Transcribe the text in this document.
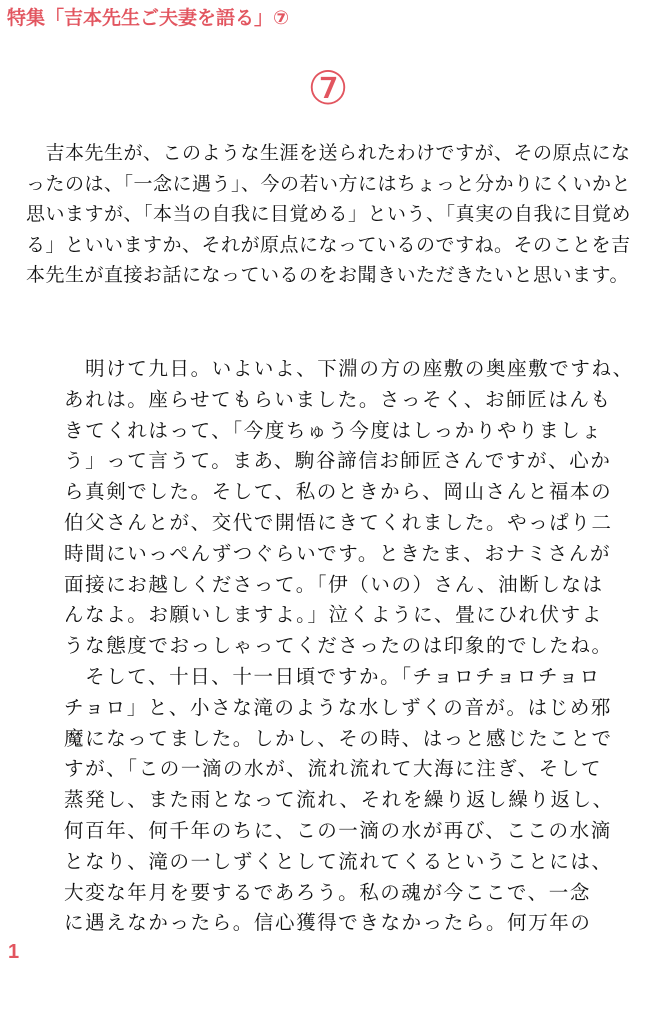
特集「吉本先生ご夫妻を語る」⑦
⑦
　吉本先生が、このような生涯を送られたわけですが、その原点にな
ったのは、「一念に遇う」、今の若い方にはちょっと分かりにくいかと
思いますが、「本当の自我に目覚める」という、「真実の自我に目覚め
る」といいますか、それが原点になっているのですね。そのことを吉
本先生が直接お話になっているのをお聞きいただきたいと思います。
　明けて九日。いよいよ、下淵の方の座敷の奥座敷ですね、
あれは。座らせてもらいました。さっそく、お師匠はんも
きてくれはって、「今度ちゅう今度はしっかりやりましょ
う」って言うて。まあ、駒谷諦信お師匠さんですが、心か
ら真剣でした。そして、私のときから、岡山さんと福本の
伯父さんとが、交代で開悟にきてくれました。やっぱり二
時間にいっぺんずつぐらいです。ときたま、おナミさんが
面接にお越しくださって。「伊（いの）さん、油断しなは
んなよ。お願いしますよ。」泣くように、畳にひれ伏すよ
うな態度でおっしゃってくださったのは印象的でしたね。
　そして、十日、十一日頃ですか。「チョロチョロチョロ
チョロ」と、小さな滝のような水しずくの音が。はじめ邪
魔になってました。しかし、その時、はっと感じたことで
すが、「この一滴の水が、流れ流れて大海に注ぎ、そして
蒸発し、また雨となって流れ、それを繰り返し繰り返し、
何百年、何千年のちに、この一滴の水が再び、ここの水滴
となり、滝の一しずくとして流れてくるということには、
大変な年月を要するであろう。私の魂が今ここで、一念
に遇えなかったら。信心獲得できなかったら。何万年の
1
